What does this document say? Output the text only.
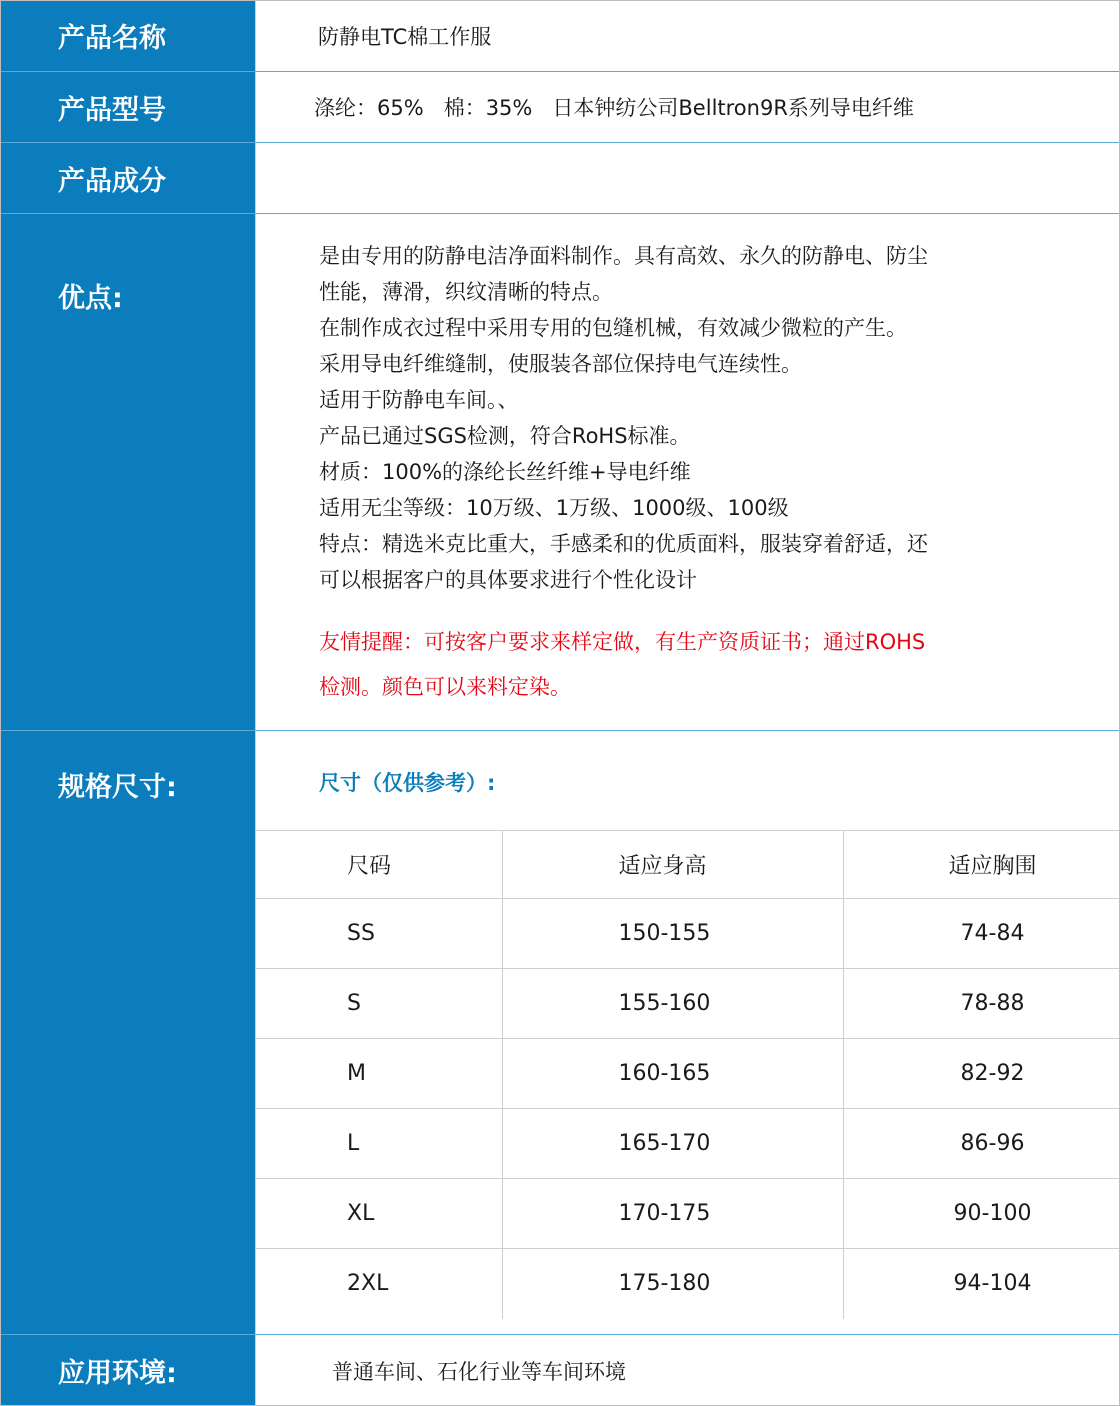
产品名称	防静电TC棉工作服
产品型号	涤纶：65%   棉：35%   日本钟纺公司Belltron9R系列导电纤维
产品成分
优点:
是由专用的防静电洁净面料制作。具有高效、永久的防静电、防尘
性能，薄滑，织纹清晰的特点。
在制作成衣过程中采用专用的包缝机械，有效减少微粒的产生。
采用导电纤维缝制，使服装各部位保持电气连续性。
适用于防静电车间。、
产品已通过SGS检测，符合RoHS标准。
材质：100%的涤纶长丝纤维+导电纤维
适用无尘等级：10万级、1万级、1000级、100级
特点：精选米克比重大，手感柔和的优质面料，服装穿着舒适，还
可以根据客户的具体要求进行个性化设计
友情提醒：可按客户要求来样定做，有生产资质证书；通过ROHS
检测。颜色可以来料定染。
规格尺寸:	尺寸（仅供参考）:
尺码	适应身高	适应胸围

SS	150-155	74-84

S	155-160	78-88

M	160-165	82-92

L	165-170	86-96

XL	170-175	90-100

2XL	175-180	94-104
应用环境:	普通车间、石化行业等车间环境
